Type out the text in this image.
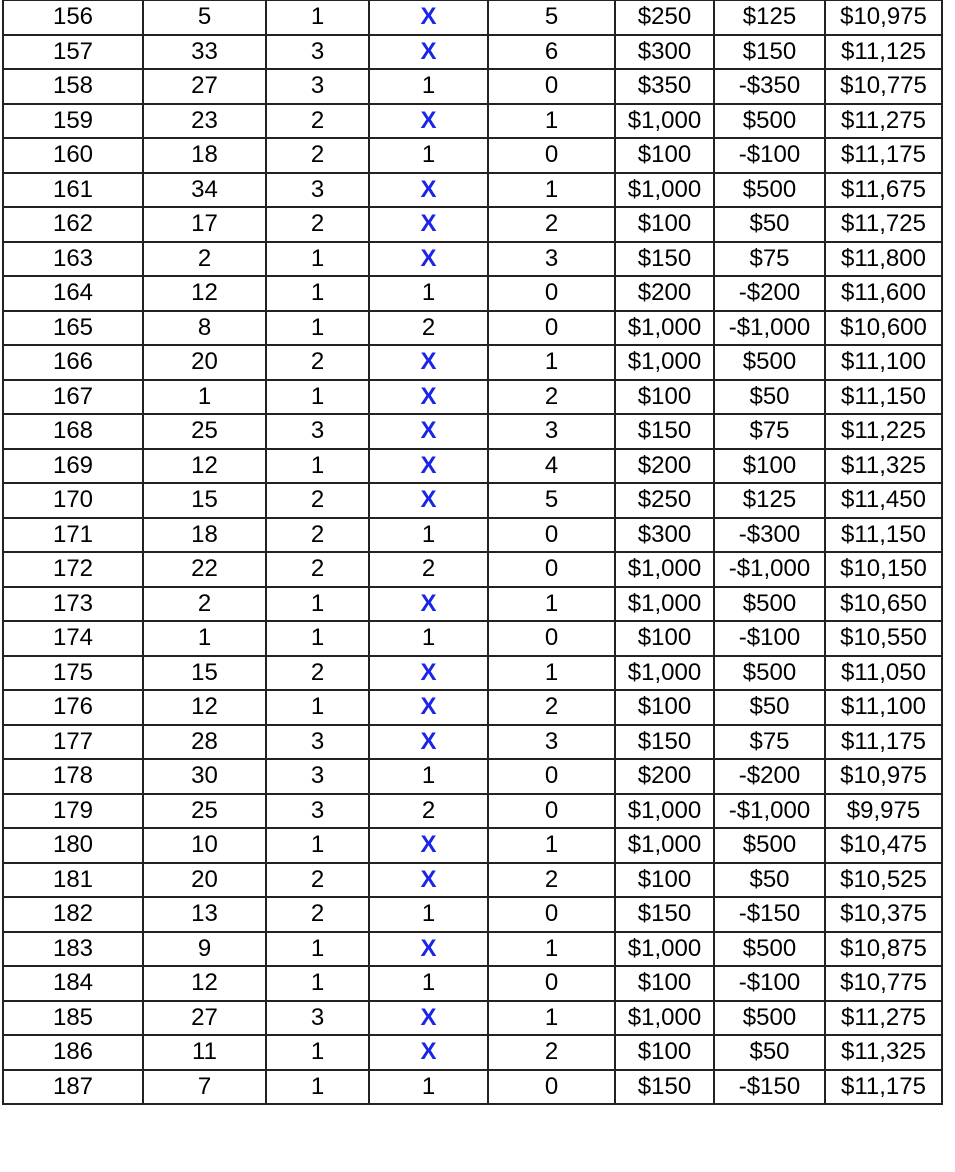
156	5	1	X	5	$250	$125	$10,975
157	33	3	X	6	$300	$150	$11,125
158	27	3	1	0	$350	-$350	$10,775
159	23	2	X	1	$1,000	$500	$11,275
160	18	2	1	0	$100	-$100	$11,175
161	34	3	X	1	$1,000	$500	$11,675
162	17	2	X	2	$100	$50	$11,725
163	2	1	X	3	$150	$75	$11,800
164	12	1	1	0	$200	-$200	$11,600
165	8	1	2	0	$1,000	-$1,000	$10,600
166	20	2	X	1	$1,000	$500	$11,100
167	1	1	X	2	$100	$50	$11,150
168	25	3	X	3	$150	$75	$11,225
169	12	1	X	4	$200	$100	$11,325
170	15	2	X	5	$250	$125	$11,450
171	18	2	1	0	$300	-$300	$11,150
172	22	2	2	0	$1,000	-$1,000	$10,150
173	2	1	X	1	$1,000	$500	$10,650
174	1	1	1	0	$100	-$100	$10,550
175	15	2	X	1	$1,000	$500	$11,050
176	12	1	X	2	$100	$50	$11,100
177	28	3	X	3	$150	$75	$11,175
178	30	3	1	0	$200	-$200	$10,975
179	25	3	2	0	$1,000	-$1,000	$9,975
180	10	1	X	1	$1,000	$500	$10,475
181	20	2	X	2	$100	$50	$10,525
182	13	2	1	0	$150	-$150	$10,375
183	9	1	X	1	$1,000	$500	$10,875
184	12	1	1	0	$100	-$100	$10,775
185	27	3	X	1	$1,000	$500	$11,275
186	11	1	X	2	$100	$50	$11,325
187	7	1	1	0	$150	-$150	$11,175
